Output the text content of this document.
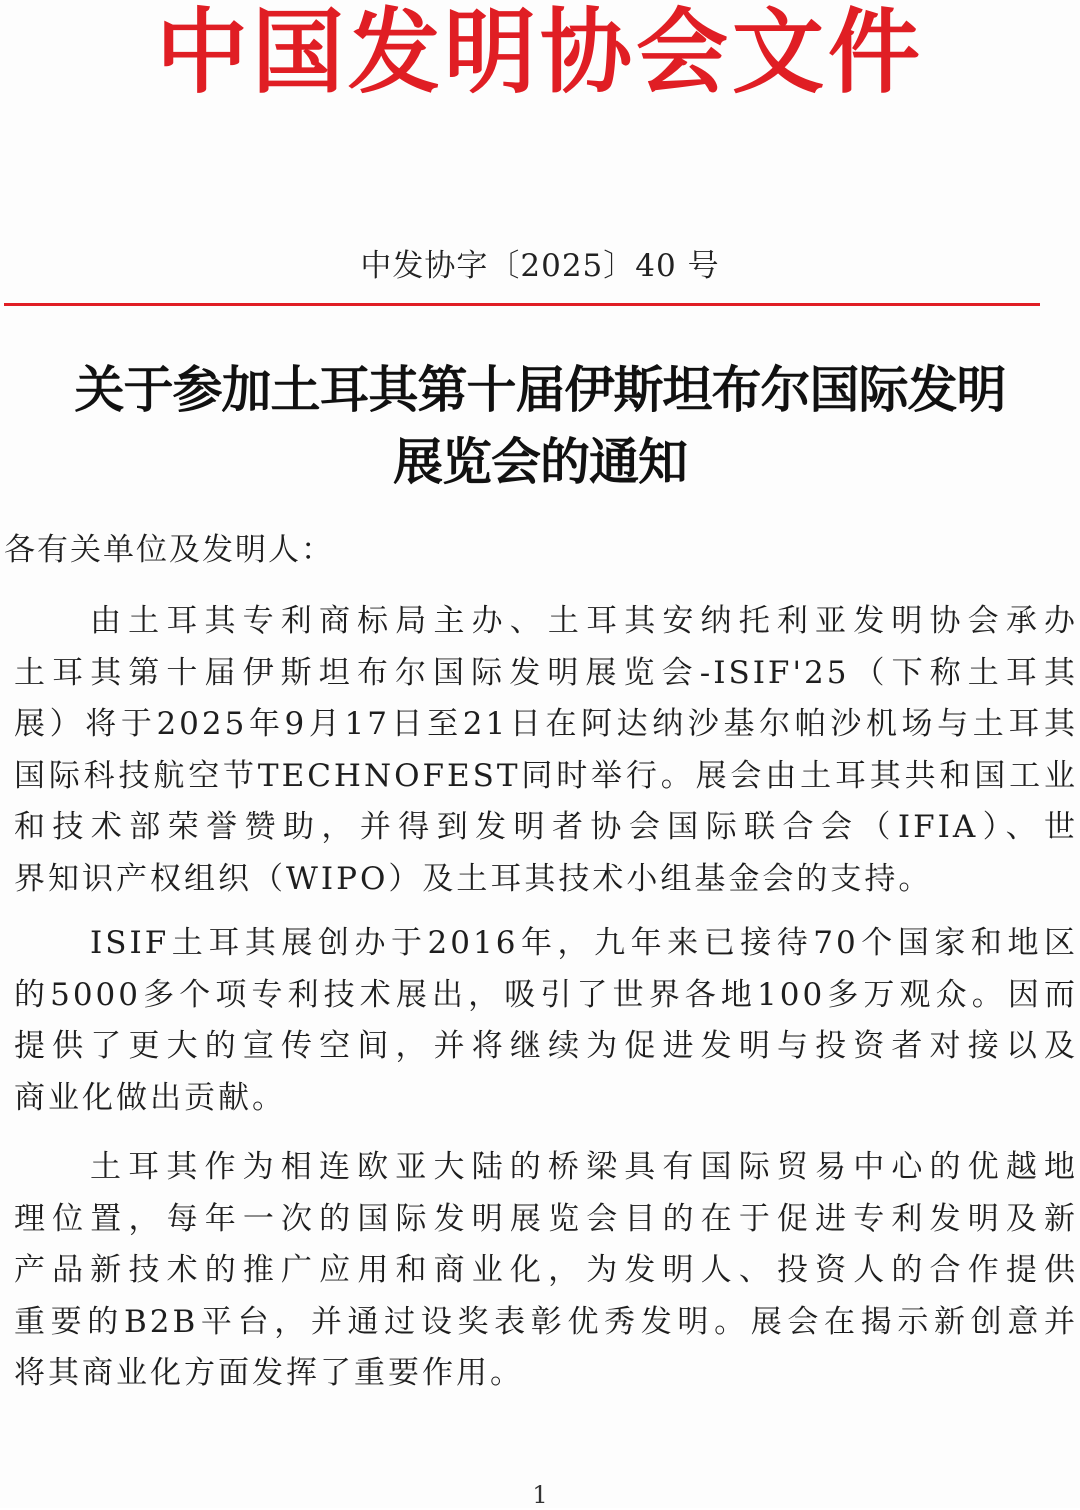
中国发明协会文件
中发协字〔2025〕40 号
关于参加土耳其第十届伊斯坦布尔国际发明
展览会的通知
各有关单位及发明人：
由土耳其专利商标局主办、土耳其安纳托利亚发明协会承办
土耳其第十届伊斯坦布尔国际发明展览会-ISIF'25（下称土耳其
展）将于2025年9月17日至21日在阿达纳沙基尔帕沙机场与土耳其
国际科技航空节TECHNOFEST同时举行。展会由土耳其共和国工业
和技术部荣誉赞助，并得到发明者协会国际联合会（IFIA）、世
界知识产权组织（WIPO）及土耳其技术小组基金会的支持。
ISIF土耳其展创办于2016年，九年来已接待70个国家和地区
的5000多个项专利技术展出，吸引了世界各地100多万观众。因而
提供了更大的宣传空间，并将继续为促进发明与投资者对接以及
商业化做出贡献。
土耳其作为相连欧亚大陆的桥梁具有国际贸易中心的优越地
理位置，每年一次的国际发明展览会目的在于促进专利发明及新
产品新技术的推广应用和商业化，为发明人、投资人的合作提供
重要的B2B平台，并通过设奖表彰优秀发明。展会在揭示新创意并
将其商业化方面发挥了重要作用。
1
